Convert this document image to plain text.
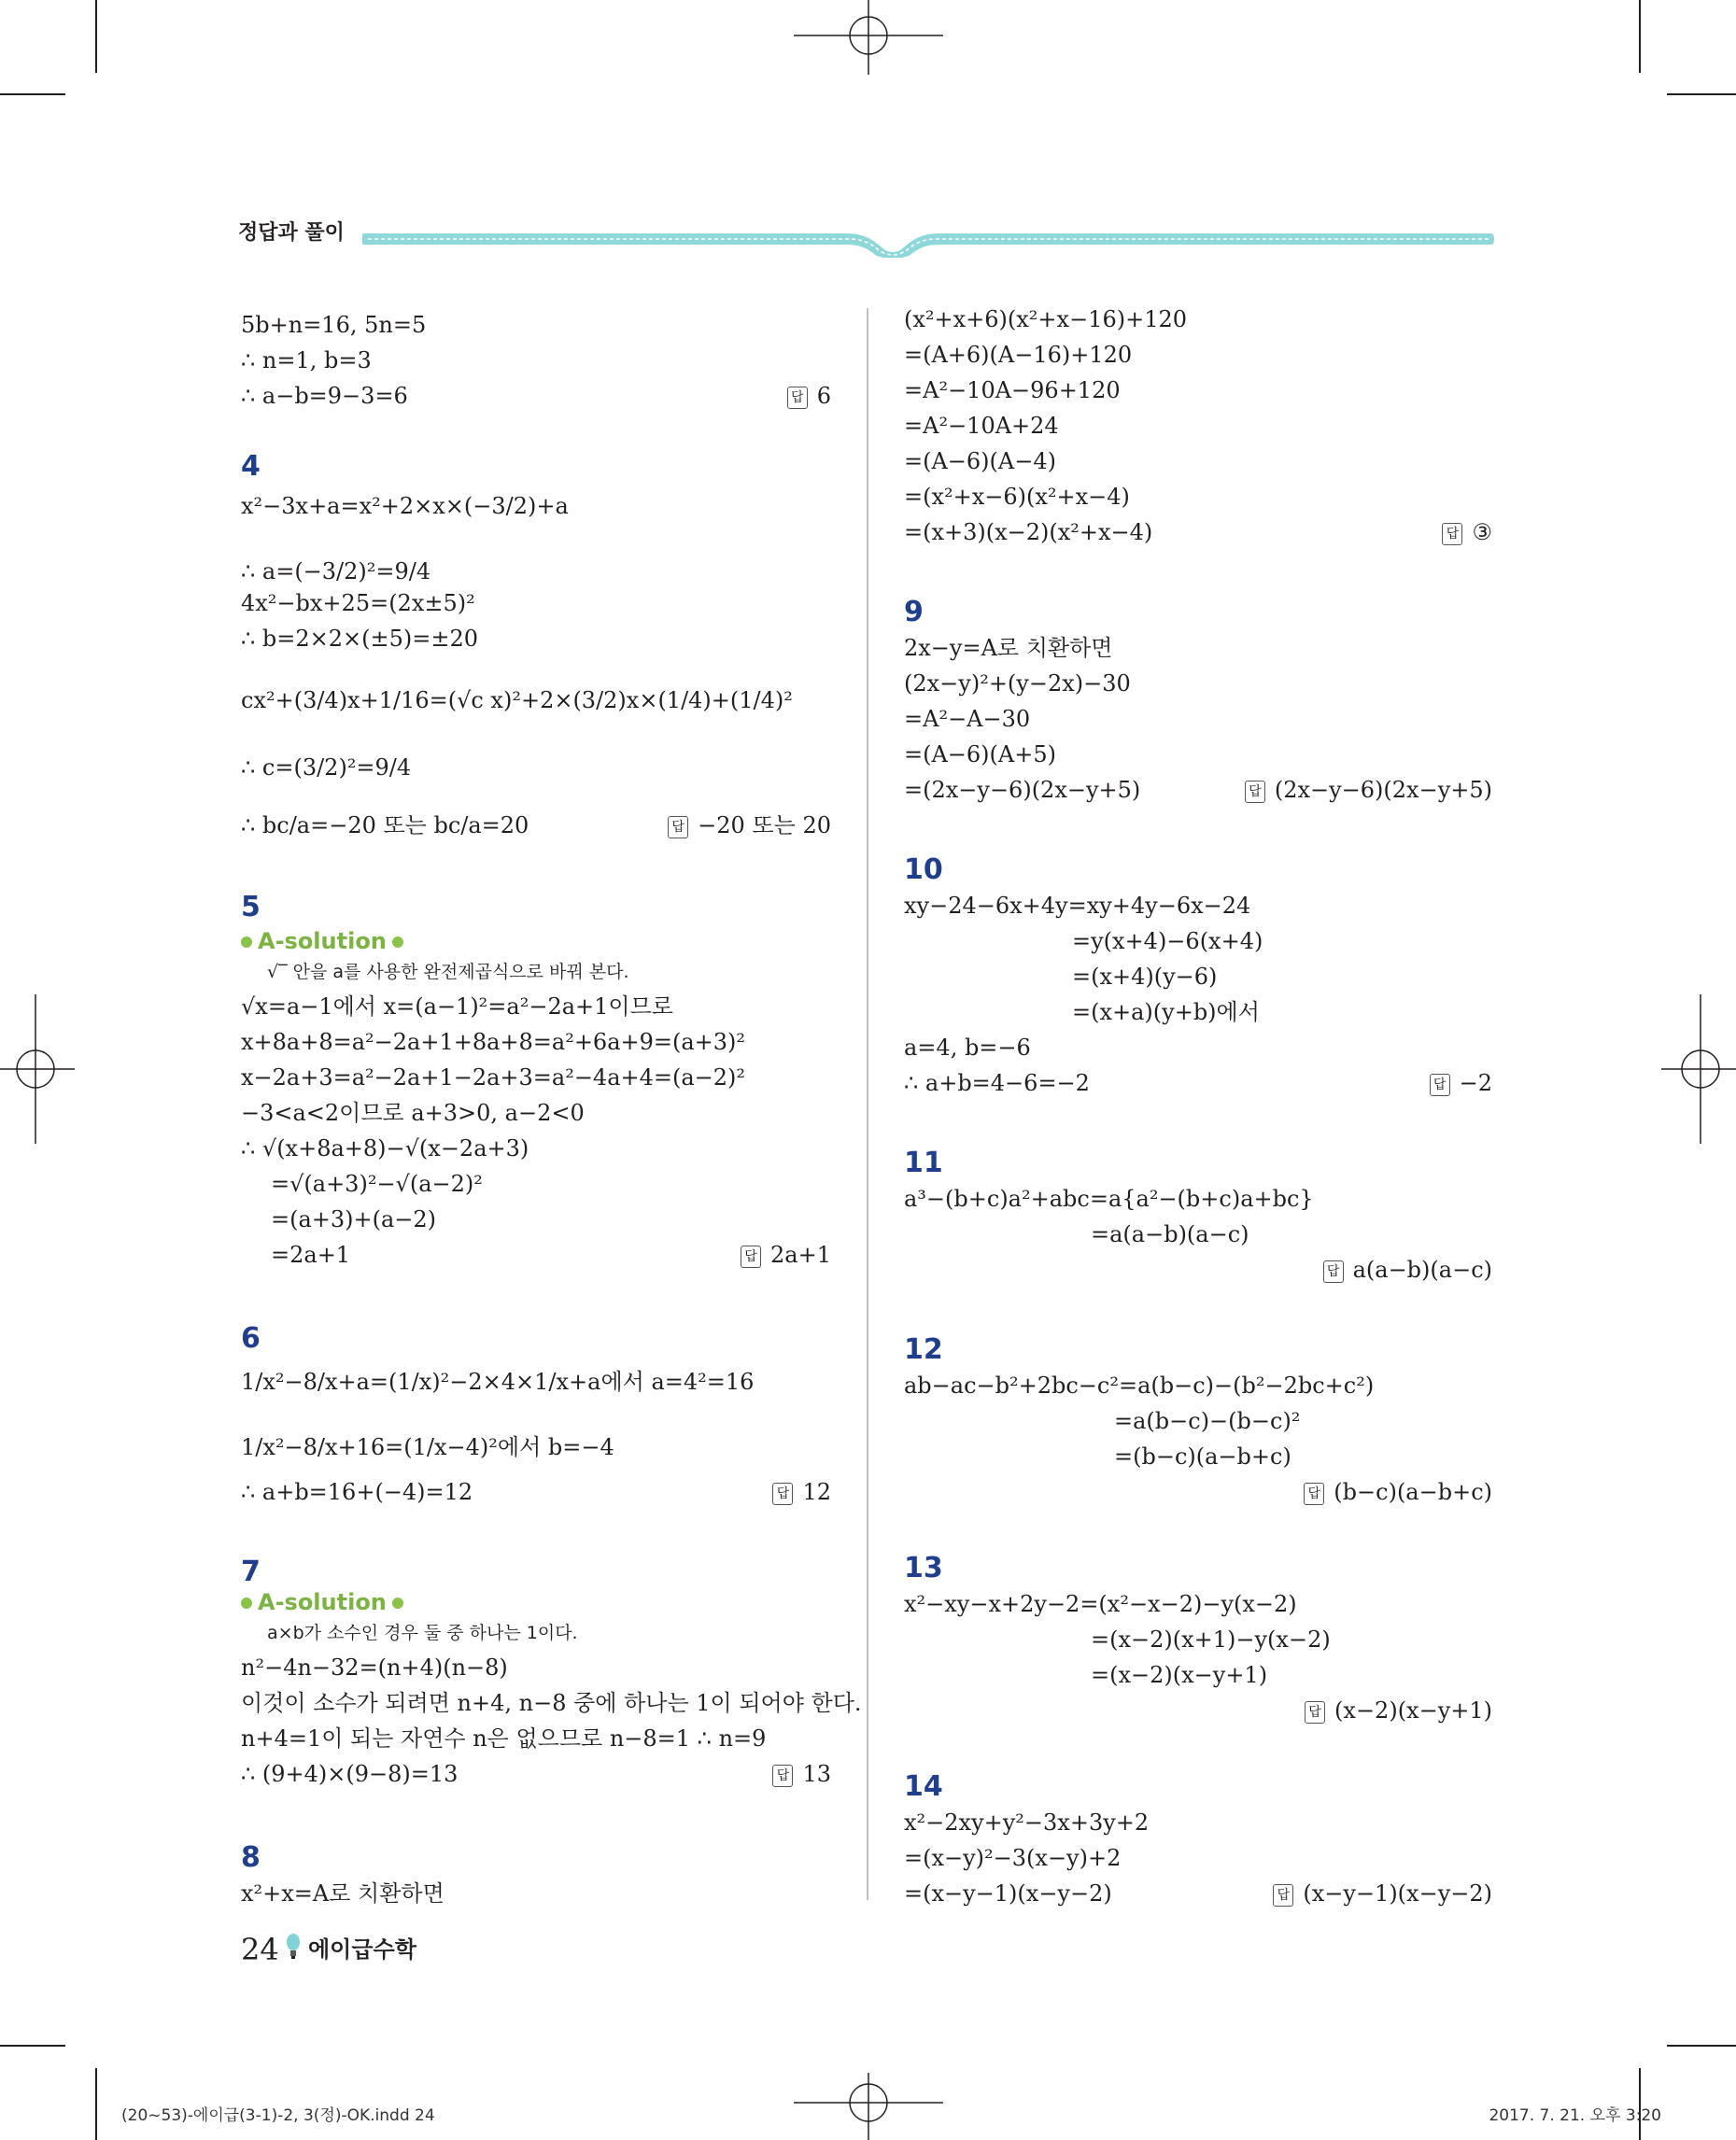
정답과 풀이
5b+n=16, 5n=5
∴ n=1, b=3
∴ a−b=9−3=6	답 6
4
x²−3x+a=x²+2×x×(−3/2)+a
∴ a=(−3/2)²=9/4
4x²−bx+25=(2x±5)²
∴ b=2×2×(±5)=±20
cx²+(3/4)x+1/16=(√c x)²+2×(3/2)x×(1/4)+(1/4)²
∴ c=(3/2)²=9/4
∴ bc/a=−20 또는 bc/a=20	답 −20 또는 20
5
A-solution
√‾ 안을 a를 사용한 완전제곱식으로 바꿔 본다.
√x=a−1에서 x=(a−1)²=a²−2a+1이므로
x+8a+8=a²−2a+1+8a+8=a²+6a+9=(a+3)²
x−2a+3=a²−2a+1−2a+3=a²−4a+4=(a−2)²
−3<a<2이므로 a+3>0, a−2<0
∴ √(x+8a+8)−√(x−2a+3)
=√(a+3)²−√(a−2)²
=(a+3)+(a−2)
=2a+1	답 2a+1
6
1/x²−8/x+a=(1/x)²−2×4×1/x+a에서 a=4²=16
1/x²−8/x+16=(1/x−4)²에서 b=−4
∴ a+b=16+(−4)=12	답 12
7
A-solution
a×b가 소수인 경우 둘 중 하나는 1이다.
n²−4n−32=(n+4)(n−8)
이것이 소수가 되려면 n+4, n−8 중에 하나는 1이 되어야 한다.
n+4=1이 되는 자연수 n은 없으므로 n−8=1 ∴ n=9
∴ (9+4)×(9−8)=13	답 13
8
x²+x=A로 치환하면
(x²+x+6)(x²+x−16)+120
=(A+6)(A−16)+120
=A²−10A−96+120
=A²−10A+24
=(A−6)(A−4)
=(x²+x−6)(x²+x−4)
=(x+3)(x−2)(x²+x−4)	답 ③
9
2x−y=A로 치환하면
(2x−y)²+(y−2x)−30
=A²−A−30
=(A−6)(A+5)
=(2x−y−6)(2x−y+5)	답 (2x−y−6)(2x−y+5)
10
xy−24−6x+4y=xy+4y−6x−24
=y(x+4)−6(x+4)
=(x+4)(y−6)
=(x+a)(y+b)에서
a=4, b=−6
∴ a+b=4−6=−2	답 −2
11
a³−(b+c)a²+abc=a{a²−(b+c)a+bc}
=a(a−b)(a−c)
답 a(a−b)(a−c)
12
ab−ac−b²+2bc−c²=a(b−c)−(b²−2bc+c²)
=a(b−c)−(b−c)²
=(b−c)(a−b+c)
답 (b−c)(a−b+c)
13
x²−xy−x+2y−2=(x²−x−2)−y(x−2)
=(x−2)(x+1)−y(x−2)
=(x−2)(x−y+1)
답 (x−2)(x−y+1)
14
x²−2xy+y²−3x+3y+2
=(x−y)²−3(x−y)+2
=(x−y−1)(x−y−2)	답 (x−y−1)(x−y−2)
24 에이급수학
(20~53)-에이급(3-1)-2, 3(정)-OK.indd 24	2017. 7. 21. 오후 3:20
